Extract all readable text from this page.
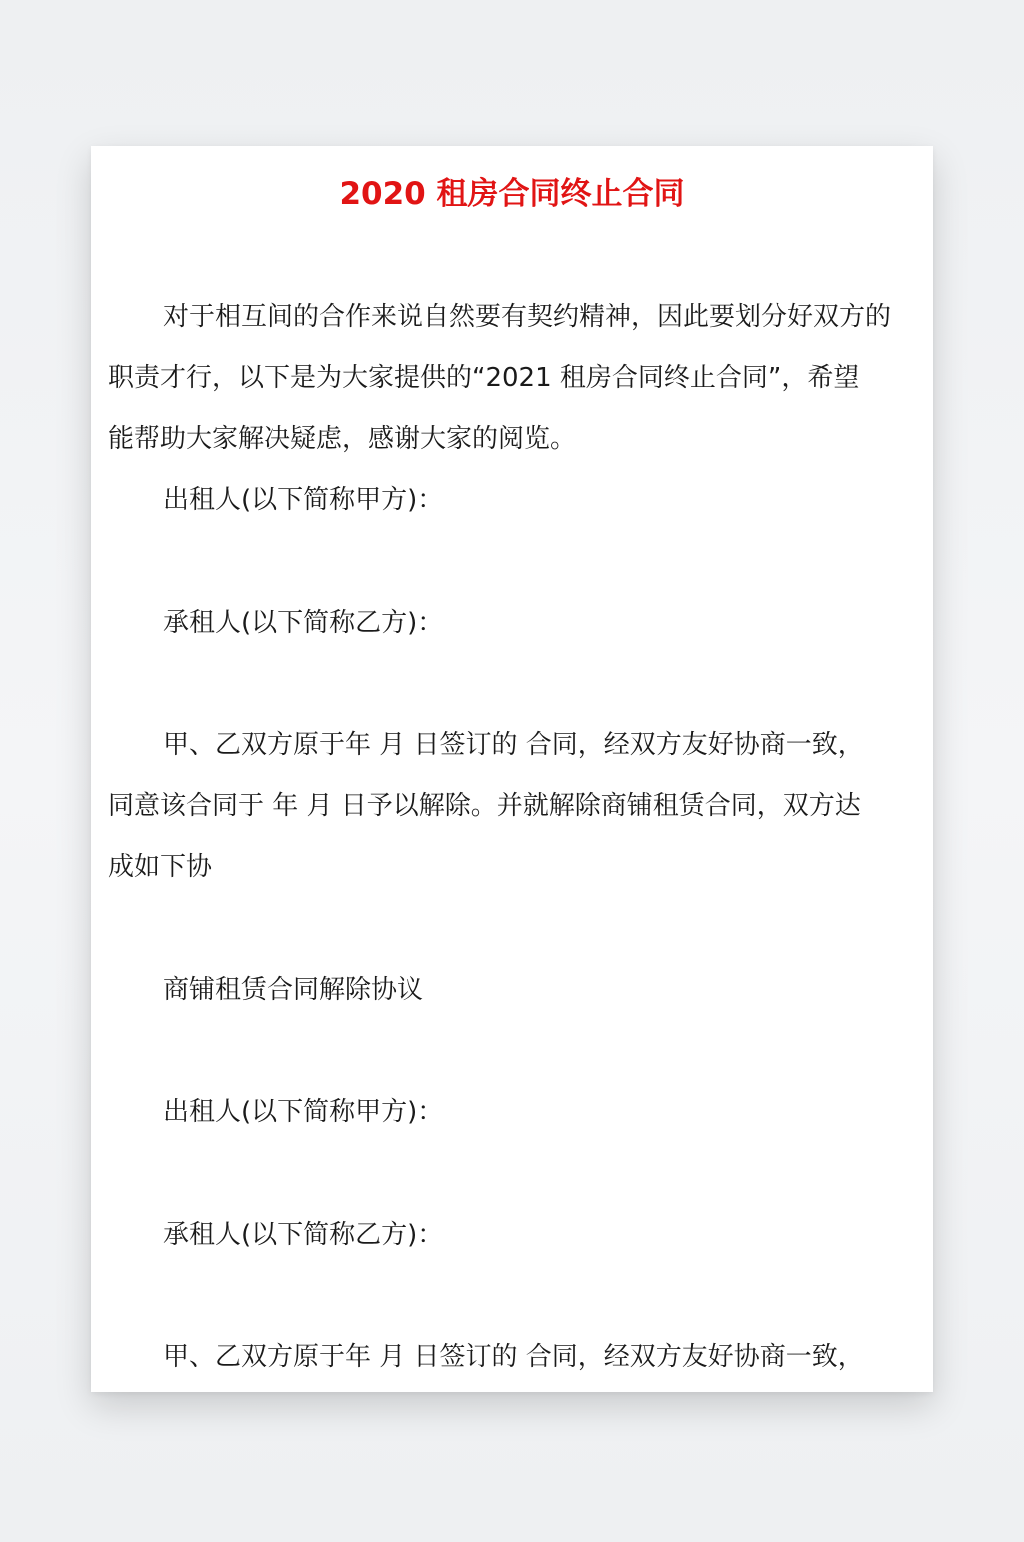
2020 租房合同终止合同
对于相互间的合作来说自然要有契约精神，因此要划分好双方的
职责才行，以下是为大家提供的“2021 租房合同终止合同”，希望
能帮助大家解决疑虑，感谢大家的阅览。
出租人(以下简称甲方)：
承租人(以下简称乙方)：
甲、乙双方原于年 月 日签订的 合同，经双方友好协商一致，
同意该合同于 年 月 日予以解除。并就解除商铺租赁合同，双方达
成如下协
商铺租赁合同解除协议
出租人(以下简称甲方)：
承租人(以下简称乙方)：
甲、乙双方原于年 月 日签订的 合同，经双方友好协商一致，
